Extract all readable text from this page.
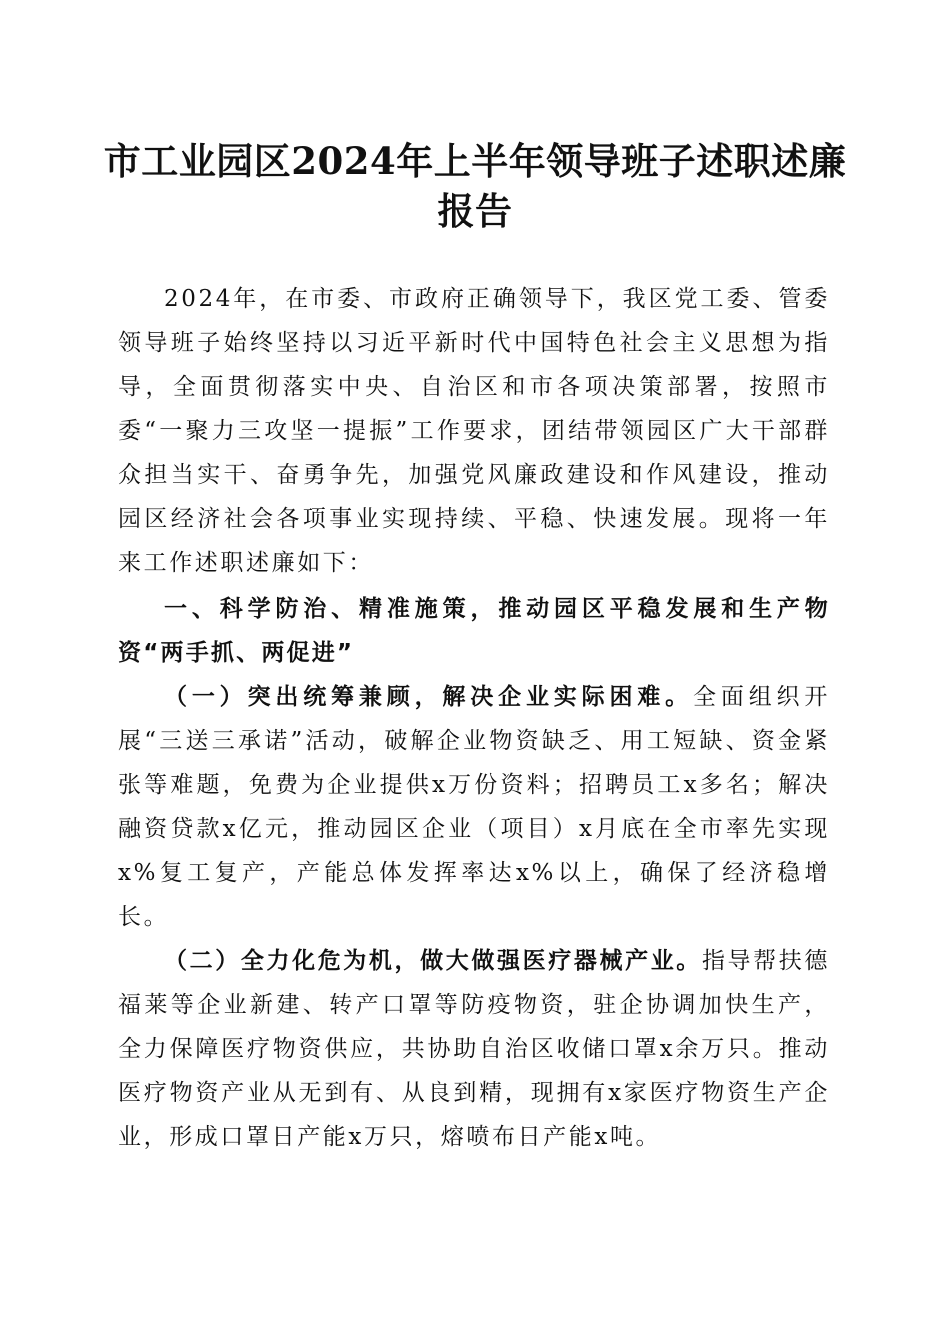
市工业园区2024年上半年领导班子述职述廉报告

2024年，在市委、市政府正确领导下，我区党工委、管委领导班子始终坚持以习近平新时代中国特色社会主义思想为指导，全面贯彻落实中央、自治区和市各项决策部署，按照市委“一聚力三攻坚一提振”工作要求，团结带领园区广大干部群众担当实干、奋勇争先，加强党风廉政建设和作风建设，推动园区经济社会各项事业实现持续、平稳、快速发展。现将一年来工作述职述廉如下：

一、科学防治、精准施策，推动园区平稳发展和生产物资“两手抓、两促进”

（一）突出统筹兼顾，解决企业实际困难。全面组织开展“三送三承诺”活动，破解企业物资缺乏、用工短缺、资金紧张等难题，免费为企业提供x万份资料；招聘员工x多名；解决融资贷款x亿元，推动园区企业（项目）x月底在全市率先实现x%复工复产，产能总体发挥率达x%以上，确保了经济稳增长。

（二）全力化危为机，做大做强医疗器械产业。指导帮扶德福莱等企业新建、转产口罩等防疫物资，驻企协调加快生产，全力保障医疗物资供应，共协助自治区收储口罩x余万只。推动医疗物资产业从无到有、从良到精，现拥有x家医疗物资生产企业，形成口罩日产能x万只，熔喷布日产能x吨。
